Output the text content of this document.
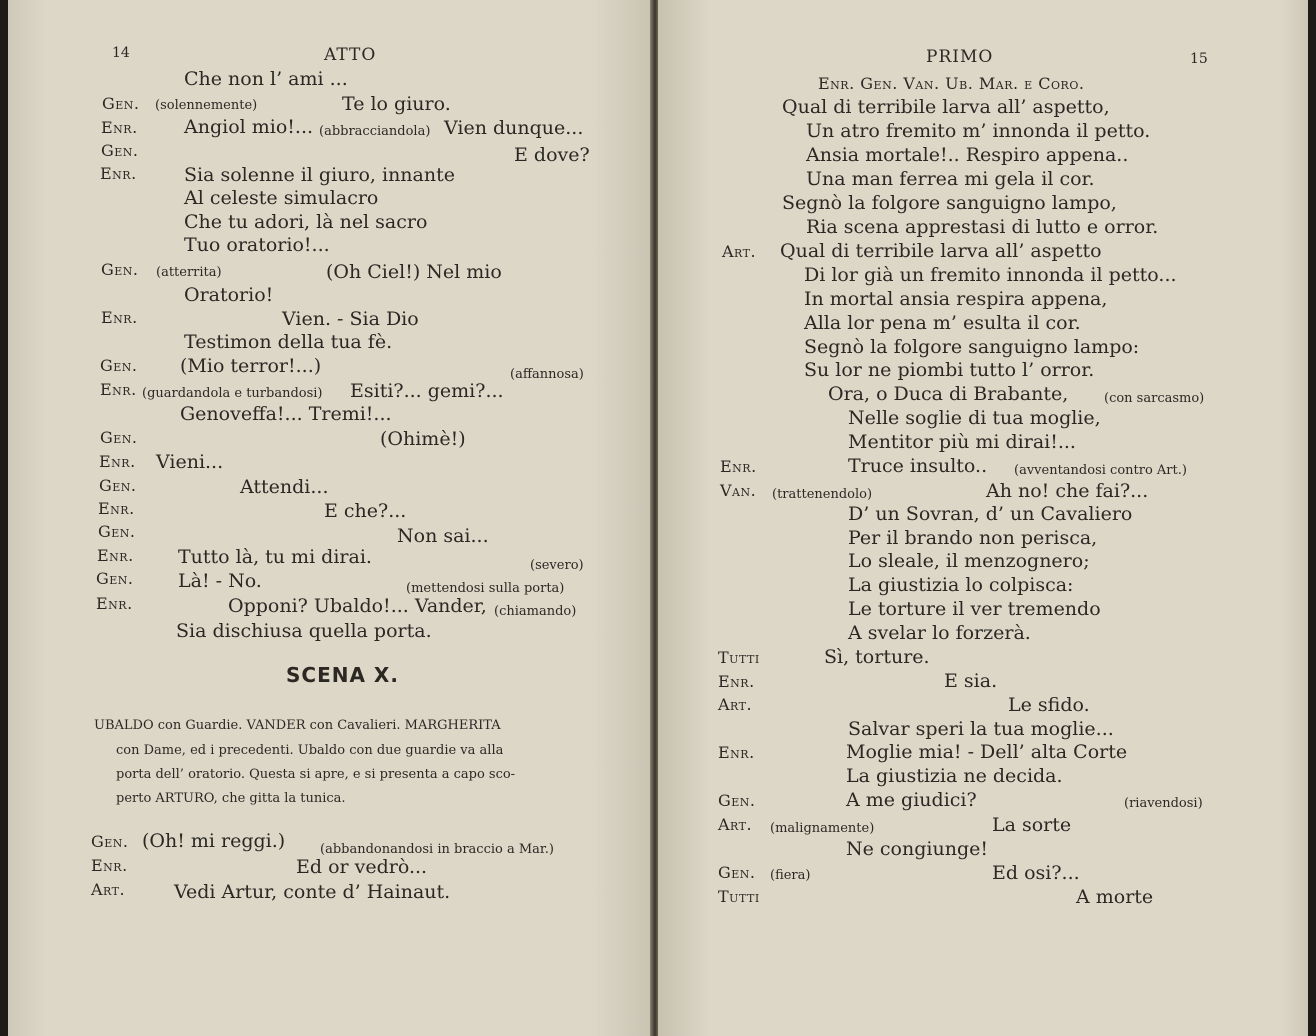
14	ATTO
Che non l’ ami ...
Gen. (solennemente)	Te lo giuro.
Enr. Angiol mio!... (abbracciandola) Vien dunque...
Gen.	E dove?
Enr. Sia solenne il giuro, innante
Al celeste simulacro
Che tu adori, là nel sacro
Tuo oratorio!...
Gen. (atterrita)	(Oh Ciel!) Nel mio
Oratorio!
Enr.	Vien. - Sia Dio
Testimon della tua fè.
Gen. (Mio terror!...)	(affannosa)
Enr. (guardandola e turbandosi) Esiti?... gemi?...
Genoveffa!... Tremi!...
Gen.	(Ohimè!)
Enr. Vieni...
Gen.	Attendi...
Enr.	E che?...
Gen.	Non sai...
Enr. Tutto là, tu mi dirai.	(severo)
Gen. Là! - No.	(mettendosi sulla porta)
Enr.	Opponi? Ubaldo!... Vander, (chiamando)
Sia dischiusa quella porta.
SCENA X.
UBALDO con Guardie. VANDER con Cavalieri. MARGHERITA
con Dame, ed i precedenti. Ubaldo con due guardie va alla
porta dell’ oratorio. Questa si apre, e si presenta a capo sco-
perto ARTURO, che gitta la tunica.
Gen. (Oh! mi reggi.)	(abbandonandosi in braccio a Mar.)
Enr.	Ed or vedrò...
Art.	Vedi Artur, conte d’ Hainaut.
PRIMO	15
Enr. Gen. Van. Ub. Mar. e Coro.
Qual di terribile larva all’ aspetto,
Un atro fremito m’ innonda il petto.
Ansia mortale!.. Respiro appena..
Una man ferrea mi gela il cor.
Segnò la folgore sanguigno lampo,
Ria scena apprestasi di lutto e orror.
Art. Qual di terribile larva all’ aspetto
Di lor già un fremito innonda il petto...
In mortal ansia respira appena,
Alla lor pena m’ esulta il cor.
Segnò la folgore sanguigno lampo:
Su lor ne piombi tutto l’ orror.
Ora, o Duca di Brabante,	(con sarcasmo)
Nelle soglie di tua moglie,
Mentitor più mi dirai!...
Enr.	Truce insulto.. (avventandosi contro Art.)
Van. (trattenendolo)	Ah no! che fai?...
D’ un Sovran, d’ un Cavaliero
Per il brando non perisca,
Lo sleale, il menzognero;
La giustizia lo colpisca:
Le torture il ver tremendo
A svelar lo forzerà.
Tutti	Sì, torture.
Enr.	E sia.
Art.	Le sfido.
Salvar speri la tua moglie...
Enr.	Moglie mia! - Dell’ alta Corte
La giustizia ne decida.
Gen.	A me giudici?	(riavendosi)
Art. (malignamente)	La sorte
Ne congiunge!
Gen. (fiera)	Ed osi?...
Tutti	A morte
